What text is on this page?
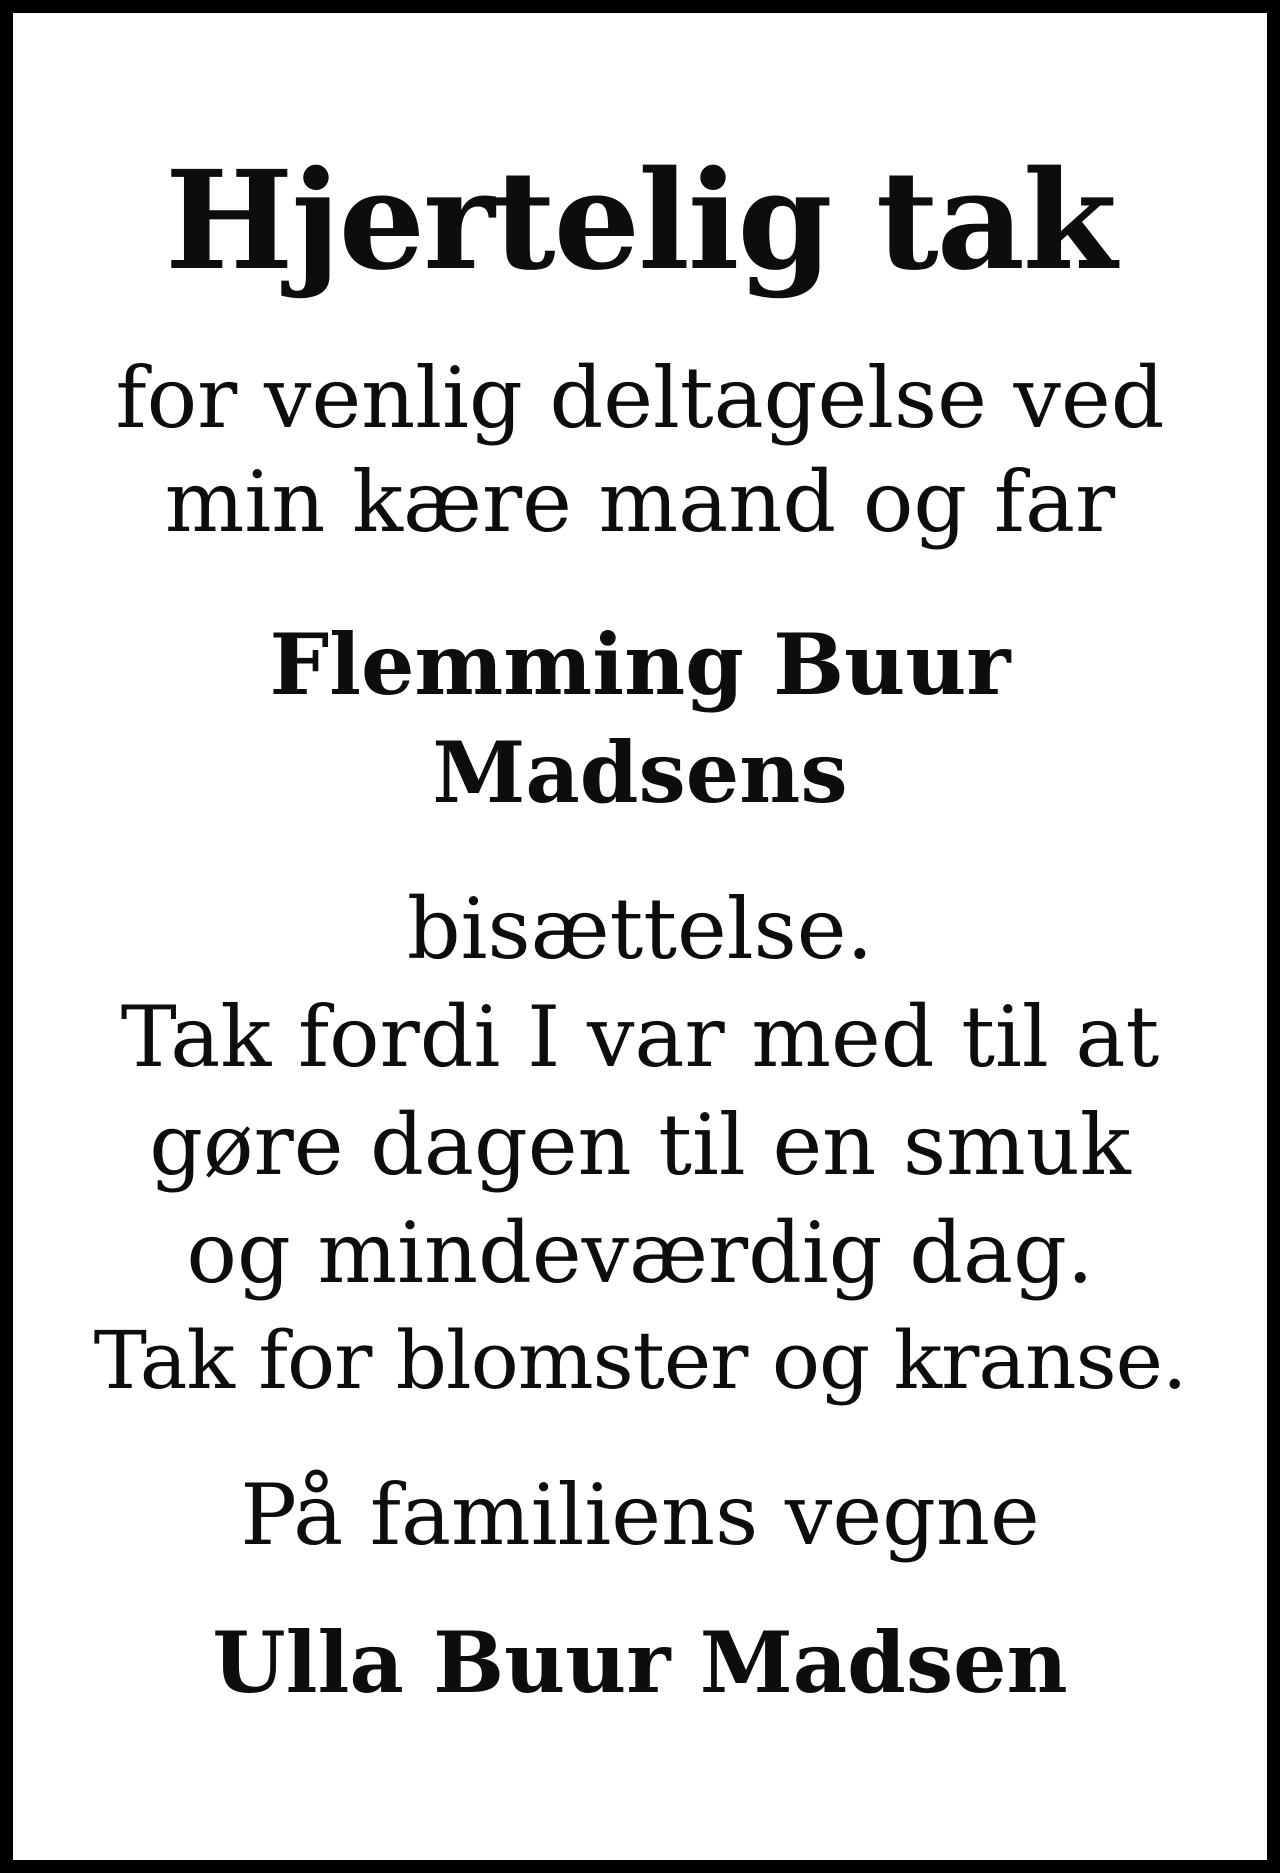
Hjertelig tak

for venlig deltagelse ved

min kære mand og far

Flemming Buur

Madsens

bisættelse.

Tak fordi I var med til at

gøre dagen til en smuk

og mindeværdig dag.

Tak for blomster og kranse.

På familiens vegne

Ulla Buur Madsen
